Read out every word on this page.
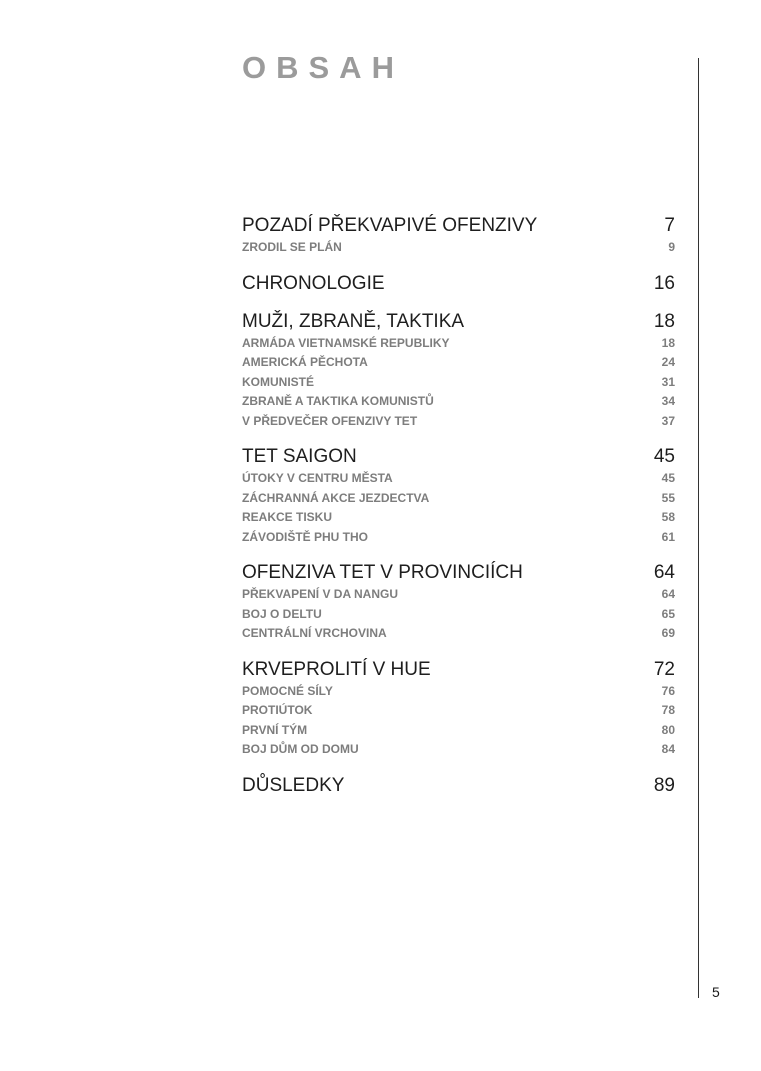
OBSAH
POZADÍ PŘEKVAPIVÉ OFENZIVY	7
ZRODIL SE PLÁN	9
CHRONOLOGIE	16
MUŽI, ZBRANĚ, TAKTIKA	18
ARMÁDA VIETNAMSKÉ REPUBLIKY	18
AMERICKÁ PĚCHOTA	24
KOMUNISTÉ	31
ZBRANĚ A TAKTIKA KOMUNISTŮ	34
V PŘEDVEČER OFENZIVY TET	37
TET SAIGON	45
ÚTOKY V CENTRU MĚSTA	45
ZÁCHRANNÁ AKCE JEZDECTVA	55
REAKCE TISKU	58
ZÁVODIŠTĚ PHU THO	61
OFENZIVA TET V PROVINCIÍCH	64
PŘEKVAPENÍ V DA NANGU	64
BOJ O DELTU	65
CENTRÁLNÍ VRCHOVINA	69
KRVEPROLITÍ V HUE	72
POMOCNÉ SÍLY	76
PROTIÚTOK	78
PRVNÍ TÝM	80
BOJ DŮM OD DOMU	84
DŮSLEDKY	89
5
